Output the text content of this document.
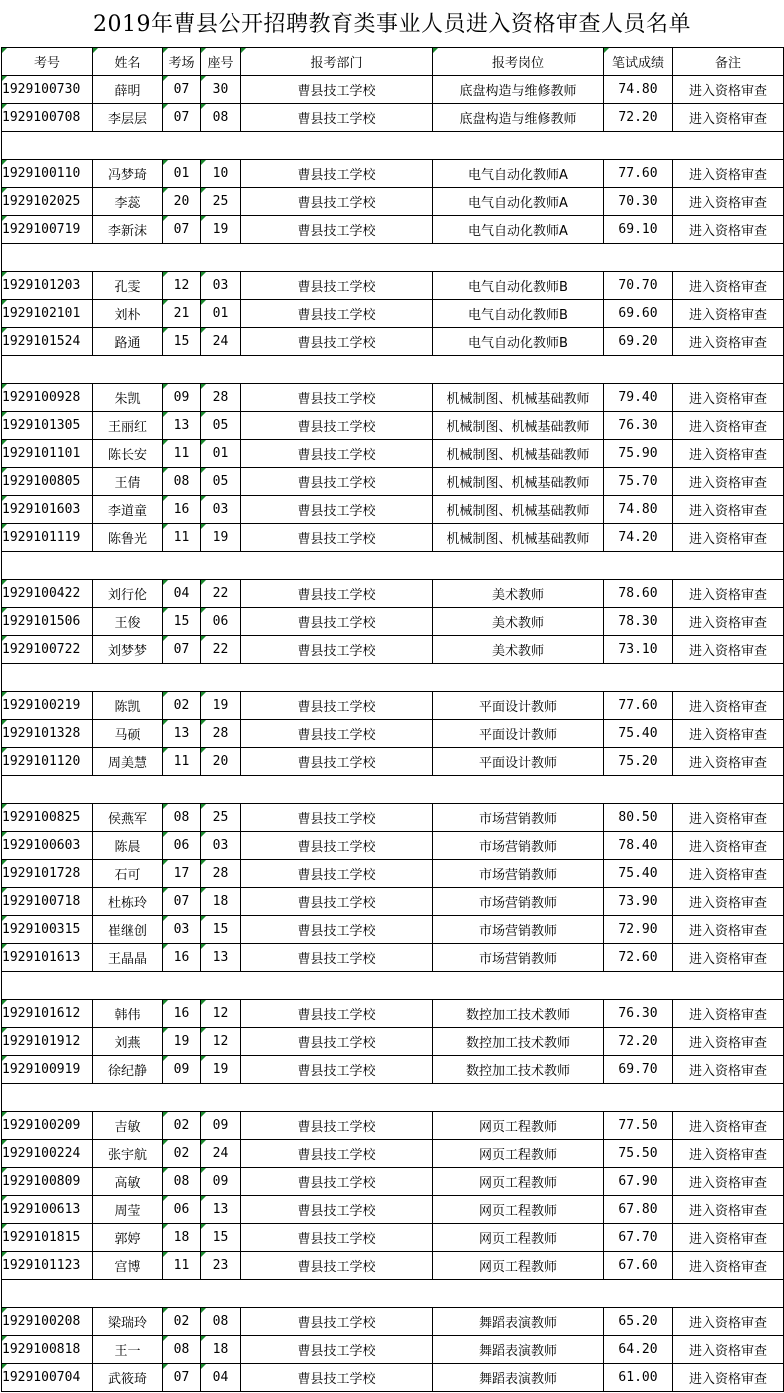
2019年曹县公开招聘教育类事业人员进入资格审查人员名单
考号	姓名	考场	座号	报考部门	报考岗位	笔试成绩	备注
1929100730	薛明	07	30	曹县技工学校	底盘构造与维修教师	74.80	进入资格审查
1929100708	李层层	07	08	曹县技工学校	底盘构造与维修教师	72.20	进入资格审查

1929100110	冯梦琦	01	10	曹县技工学校	电气自动化教师A	77.60	进入资格审查
1929102025	李蕊	20	25	曹县技工学校	电气自动化教师A	70.30	进入资格审查
1929100719	李新沫	07	19	曹县技工学校	电气自动化教师A	69.10	进入资格审查

1929101203	孔雯	12	03	曹县技工学校	电气自动化教师B	70.70	进入资格审查
1929102101	刘朴	21	01	曹县技工学校	电气自动化教师B	69.60	进入资格审查
1929101524	路通	15	24	曹县技工学校	电气自动化教师B	69.20	进入资格审查

1929100928	朱凯	09	28	曹县技工学校	机械制图、机械基础教师	79.40	进入资格审查
1929101305	王丽红	13	05	曹县技工学校	机械制图、机械基础教师	76.30	进入资格审查
1929101101	陈长安	11	01	曹县技工学校	机械制图、机械基础教师	75.90	进入资格审查
1929100805	王倩	08	05	曹县技工学校	机械制图、机械基础教师	75.70	进入资格审查
1929101603	李道童	16	03	曹县技工学校	机械制图、机械基础教师	74.80	进入资格审查
1929101119	陈鲁光	11	19	曹县技工学校	机械制图、机械基础教师	74.20	进入资格审查

1929100422	刘行伦	04	22	曹县技工学校	美术教师	78.60	进入资格审查
1929101506	王俊	15	06	曹县技工学校	美术教师	78.30	进入资格审查
1929100722	刘梦梦	07	22	曹县技工学校	美术教师	73.10	进入资格审查

1929100219	陈凯	02	19	曹县技工学校	平面设计教师	77.60	进入资格审查
1929101328	马硕	13	28	曹县技工学校	平面设计教师	75.40	进入资格审查
1929101120	周美慧	11	20	曹县技工学校	平面设计教师	75.20	进入资格审查

1929100825	侯燕军	08	25	曹县技工学校	市场营销教师	80.50	进入资格审查
1929100603	陈晨	06	03	曹县技工学校	市场营销教师	78.40	进入资格审查
1929101728	石可	17	28	曹县技工学校	市场营销教师	75.40	进入资格审查
1929100718	杜栋玲	07	18	曹县技工学校	市场营销教师	73.90	进入资格审查
1929100315	崔继创	03	15	曹县技工学校	市场营销教师	72.90	进入资格审查
1929101613	王晶晶	16	13	曹县技工学校	市场营销教师	72.60	进入资格审查

1929101612	韩伟	16	12	曹县技工学校	数控加工技术教师	76.30	进入资格审查
1929101912	刘燕	19	12	曹县技工学校	数控加工技术教师	72.20	进入资格审查
1929100919	徐纪静	09	19	曹县技工学校	数控加工技术教师	69.70	进入资格审查

1929100209	吉敏	02	09	曹县技工学校	网页工程教师	77.50	进入资格审查
1929100224	张宇航	02	24	曹县技工学校	网页工程教师	75.50	进入资格审查
1929100809	高敏	08	09	曹县技工学校	网页工程教师	67.90	进入资格审查
1929100613	周莹	06	13	曹县技工学校	网页工程教师	67.80	进入资格审查
1929101815	郭婷	18	15	曹县技工学校	网页工程教师	67.70	进入资格审查
1929101123	宫博	11	23	曹县技工学校	网页工程教师	67.60	进入资格审查

1929100208	梁瑞玲	02	08	曹县技工学校	舞蹈表演教师	65.20	进入资格审查
1929100818	王一	08	18	曹县技工学校	舞蹈表演教师	64.20	进入资格审查
1929100704	武筱琦	07	04	曹县技工学校	舞蹈表演教师	61.00	进入资格审查
